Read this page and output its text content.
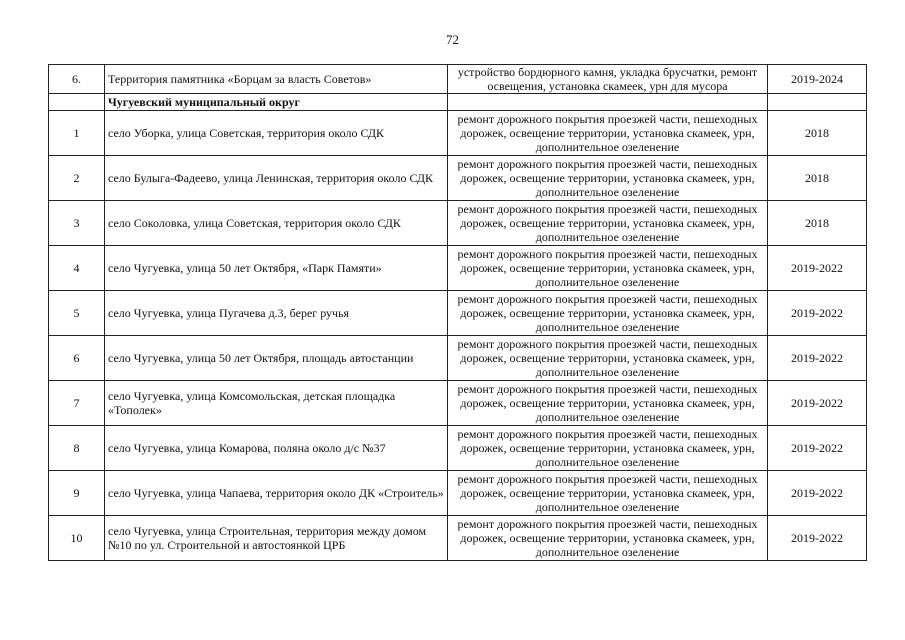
72
6.	Территория памятника «Борцам за власть Советов»	устройство бордюрного камня, укладка брусчатки, ремонт освещения, установка скамеек, урн для мусора	2019-2024
	Чугуевский муниципальный округ		
1	село Уборка, улица Советская, территория около СДК	ремонт дорожного покрытия проезжей части, пешеходных дорожек, освещение территории, установка скамеек, урн, дополнительное озеленение	2018
2	село Булыга-Фадеево, улица Ленинская, территория около СДК	ремонт дорожного покрытия проезжей части, пешеходных дорожек, освещение территории, установка скамеек, урн, дополнительное озеленение	2018
3	село Соколовка, улица Советская, территория около СДК	ремонт дорожного покрытия проезжей части, пешеходных дорожек, освещение территории, установка скамеек, урн, дополнительное озеленение	2018
4	село Чугуевка, улица 50 лет Октября, «Парк Памяти»	ремонт дорожного покрытия проезжей части, пешеходных дорожек, освещение территории, установка скамеек, урн, дополнительное озеленение	2019-2022
5	село Чугуевка, улица Пугачева д.3, берег ручья	ремонт дорожного покрытия проезжей части, пешеходных дорожек, освещение территории, установка скамеек, урн, дополнительное озеленение	2019-2022
6	село Чугуевка, улица 50 лет Октября, площадь автостанции	ремонт дорожного покрытия проезжей части, пешеходных дорожек, освещение территории, установка скамеек, урн, дополнительное озеленение	2019-2022
7	село Чугуевка, улица Комсомольская, детская площадка «Тополек»	ремонт дорожного покрытия проезжей части, пешеходных дорожек, освещение территории, установка скамеек, урн, дополнительное озеленение	2019-2022
8	село Чугуевка, улица Комарова, поляна около д/с №37	ремонт дорожного покрытия проезжей части, пешеходных дорожек, освещение территории, установка скамеек, урн, дополнительное озеленение	2019-2022
9	село Чугуевка, улица Чапаева, территория около ДК «Строитель»	ремонт дорожного покрытия проезжей части, пешеходных дорожек, освещение территории, установка скамеек, урн, дополнительное озеленение	2019-2022
10	село Чугуевка, улица Строительная, территория между домом №10 по ул. Строительной и автостоянкой ЦРБ	ремонт дорожного покрытия проезжей части, пешеходных дорожек, освещение территории, установка скамеек, урн, дополнительное озеленение	2019-2022
